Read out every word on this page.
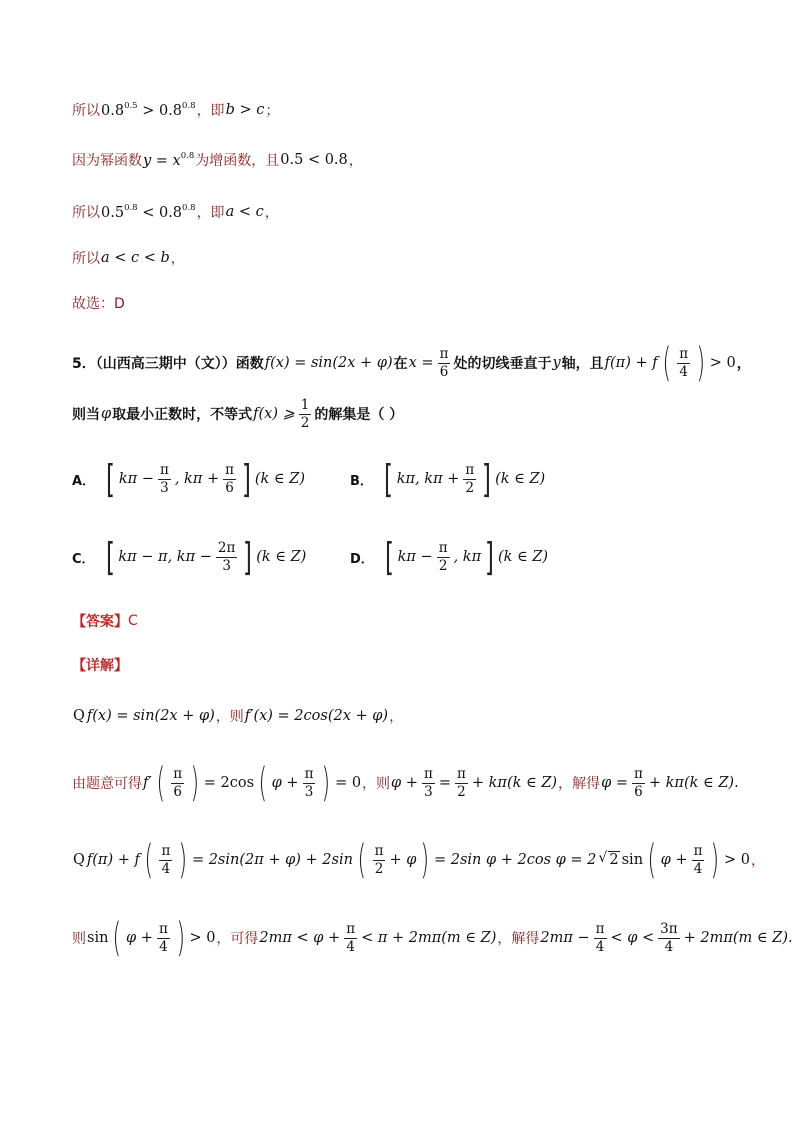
所以 $0.8^{0.5} > 0.8^{0.8}$ ，即 b > c ；
因为幂函数 $y = x^{0.8}$ 为增函数，且 0.5 < 0.8 ，
所以 $0.5^{0.8} < 0.8^{0.8}$ ，即 a < c ，
所以 a < c < b ，
故选：D
5．（山西高三期中（文））函数 f(x) = sin(2x + φ) 在 $x = \frac{\pi}{6}$ 处的切线垂直于 y 轴，且 f(π) + f ( $\frac{\pi}{4}$ ) > 0 ，
则当 φ 取最小正数时，不等式 f(x) ⩾ $\frac{1}{2}$ 的解集是（ ）
A． [ $k\pi - \frac{\pi}{3}$ , $k\pi + \frac{\pi}{6}$ ] (k ∈ Z)	B． [ kπ, $k\pi + \frac{\pi}{2}$ ] (k ∈ Z)
C． [ kπ − π, $k\pi - \frac{2\pi}{3}$ ] (k ∈ Z)	D． [ $k\pi - \frac{\pi}{2}$ , kπ ] (k ∈ Z)
【答案】 C
【详解】
Q f(x) = sin(2x + φ) ，则 f′(x) = 2cos(2x + φ) ，
由题意可得 f′ ( $\frac{\pi}{6}$ ) = 2cos ( $\varphi + \frac{\pi}{3}$ ) = 0 ，则 $\varphi + \frac{\pi}{3} = \frac{\pi}{2} + k\pi(k$ ∈ Z) ，解得 $\varphi = \frac{\pi}{6} + k\pi(k$ ∈ Z).
Q f(π) + f ( $\frac{\pi}{4}$ ) = 2sin(2π + φ) + 2sin ( $\frac{\pi}{2} + \varphi$ ) = 2sin φ + 2cos φ = 2
√ 2 sin ( $\varphi + \frac{\pi}{4}$ ) > 0 ，
则 sin ( $\varphi + \frac{\pi}{4}$ ) > 0 ，可得 $2m\pi < \varphi + \frac{\pi}{4} < \pi + 2m\pi(m$ ∈ Z) ，解得 $2m\pi - \frac{\pi}{4} < \varphi < \frac{3\pi}{4} + 2m\pi(m$ ∈ Z).
